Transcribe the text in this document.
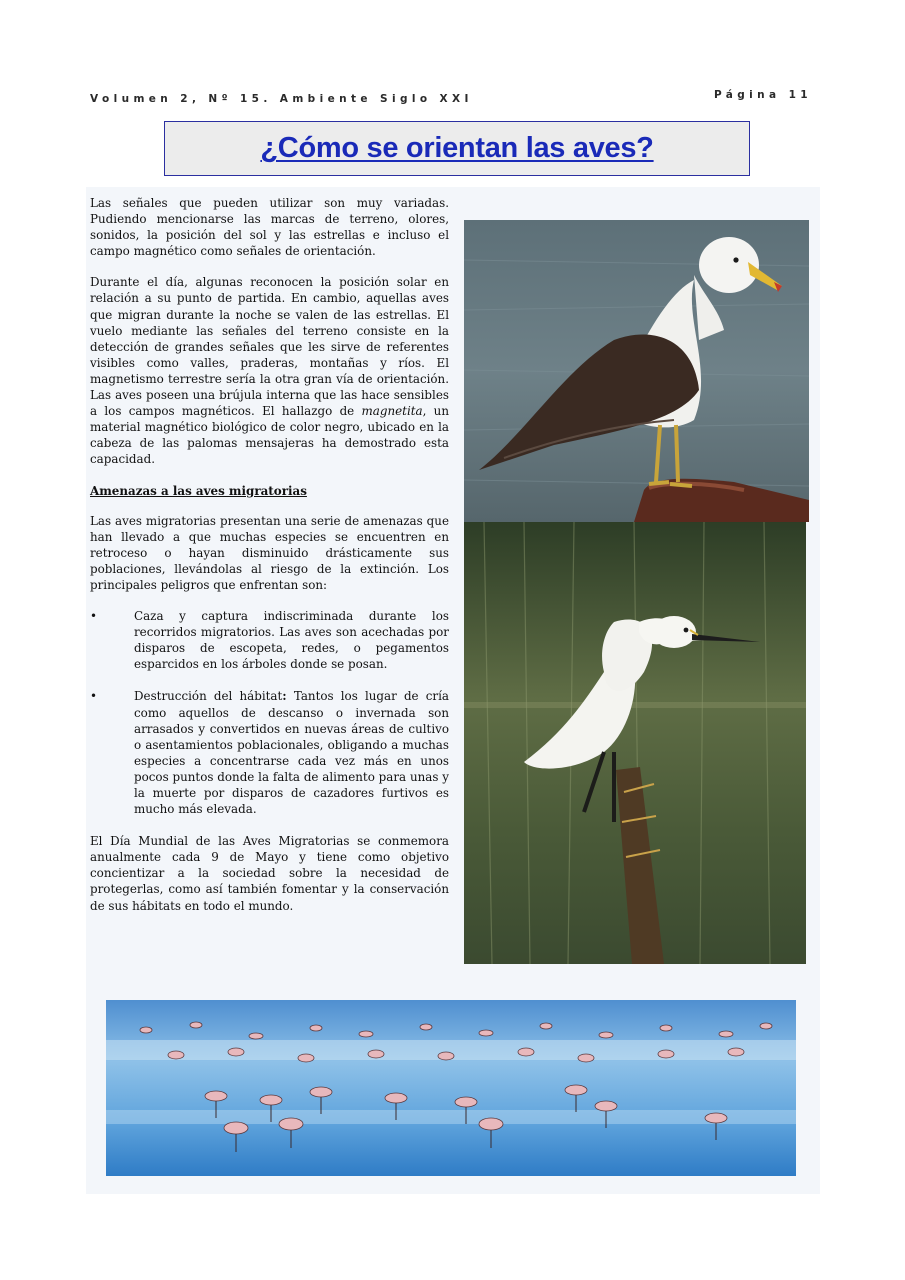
Volumen 2, Nº 15. Ambiente Siglo XXI	Página 11
¿Cómo se orientan las aves?

Las señales que pueden utilizar son muy variadas. Pudiendo mencionarse las marcas de terreno, olores, sonidos, la posición del sol y las estrellas e incluso el campo magnético como señales de orientación.

Durante el día, algunas reconocen la posición solar en relación a su punto de partida. En cambio, aquellas aves que migran durante la noche se valen de las estrellas. El vuelo mediante las señales del terreno consiste en la detección de grandes señales que les sirve de referentes visibles como valles, praderas, montañas y ríos. El magnetismo terrestre sería la otra gran vía de orientación. Las aves poseen una brújula interna que las hace sensibles a los campos magnéticos. El hallazgo de magnetita, un material magnético biológico de color negro, ubicado en la cabeza de las palomas mensajeras ha demostrado esta capacidad.

Amenazas a las aves migratorias

Las aves migratorias presentan una serie de amenazas que han llevado a que muchas especies se encuentren en retroceso o hayan disminuido drásticamente sus poblaciones, llevándolas al riesgo de la extinción. Los principales peligros que enfrentan son:

•	Caza y captura indiscriminada durante los recorridos migratorios. Las aves son acechadas por disparos de escopeta, redes, o pegamentos esparcidos en los árboles donde se posan.
•	Destrucción del hábitat: Tantos los lugar de cría como aquellos de descanso o invernada son arrasados y convertidos en nuevas áreas de cultivo o asentamientos poblacionales, obligando a muchas especies a concentrarse cada vez más en unos pocos puntos donde la falta de alimento para unas y la muerte por disparos de cazadores furtivos es mucho más elevada.

El Día Mundial de las Aves Migratorias se conmemora anualmente cada 9 de Mayo y tiene como objetivo concientizar a la sociedad sobre la necesidad de protegerlas, como así también fomentar y la conservación de sus hábitats en todo el mundo.
